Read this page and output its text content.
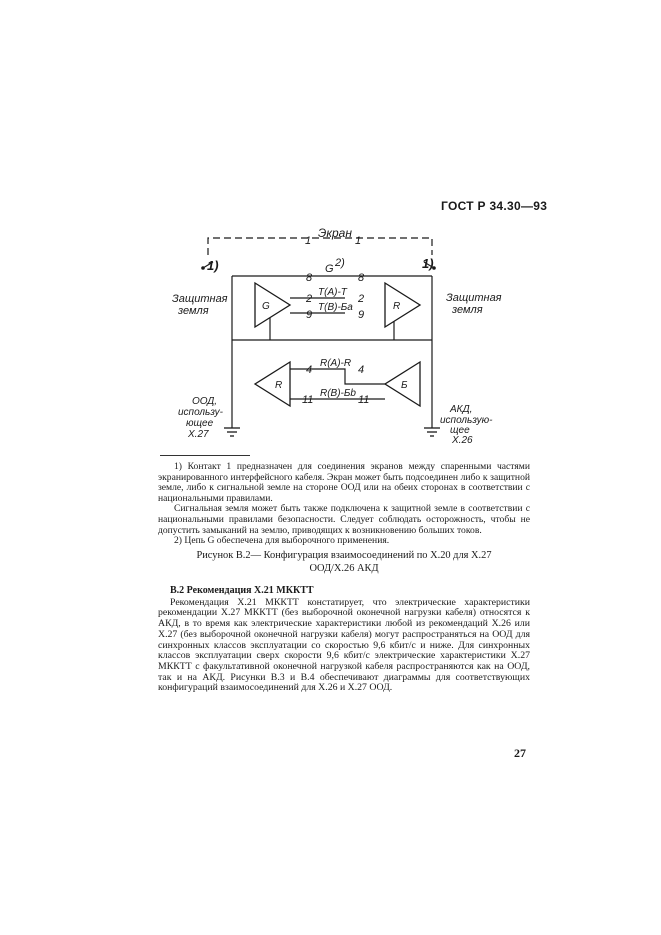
ГОСТ Р 34.30—93
Экран
1	1
1)	1)
G 2)
8	8
2	2
9	9
T(A)-T
T(B)-Бa
4	4
11	11
R(A)-R
R(B)-Бb
G	R
R	Б
Защитная
земля
Защитная
земля
ООД,
использу-
ющее
Х.27
АКД,
использую-
щее
Х.26

1) Контакт 1 предназначен для соединения экранов между спаренными частями экранированного интерфейсного кабеля. Экран может быть подсоединен либо к защитной земле, либо к сигнальной земле на стороне ООД или на обеих сторонах в соответствии с национальными правилами.

Сигнальная земля может быть также подключена к защитной земле в соответствии с национальными правилами безопасности. Следует соблюдать осторожность, чтобы не допустить замыканий на землю, приводящих к возникновению больших токов.

2) Цепь G обеспечена для выборочного применения.

Рисунок В.2— Конфигурация взаимосоединений по Х.20 для Х.27
ООД/Х.26 АКД
В.2 Рекомендация Х.21 МККТТ

Рекомендация Х.21 МККТТ констатирует, что электрические характеристики рекомендации Х.27 МККТТ (без выборочной оконечной нагрузки кабеля) относятся к АКД, в то время как электрические характеристики любой из рекомендаций Х.26 или Х.27 (без выборочной оконечной нагрузки кабеля) могут распространяться на ООД для синхронных классов эксплуатации со скоростью 9,6 кбит/с и ниже. Для синхронных классов эксплуатации сверх скорости 9,6 кбит/с электрические характеристики Х.27 МККТТ с факультативной оконечной нагрузкой кабеля распространяются как на ООД, так и на АКД. Рисунки В.3 и В.4 обеспечивают диаграммы для соответствующих конфигураций взаимосоединений для Х.26 и Х.27 ООД.

27
